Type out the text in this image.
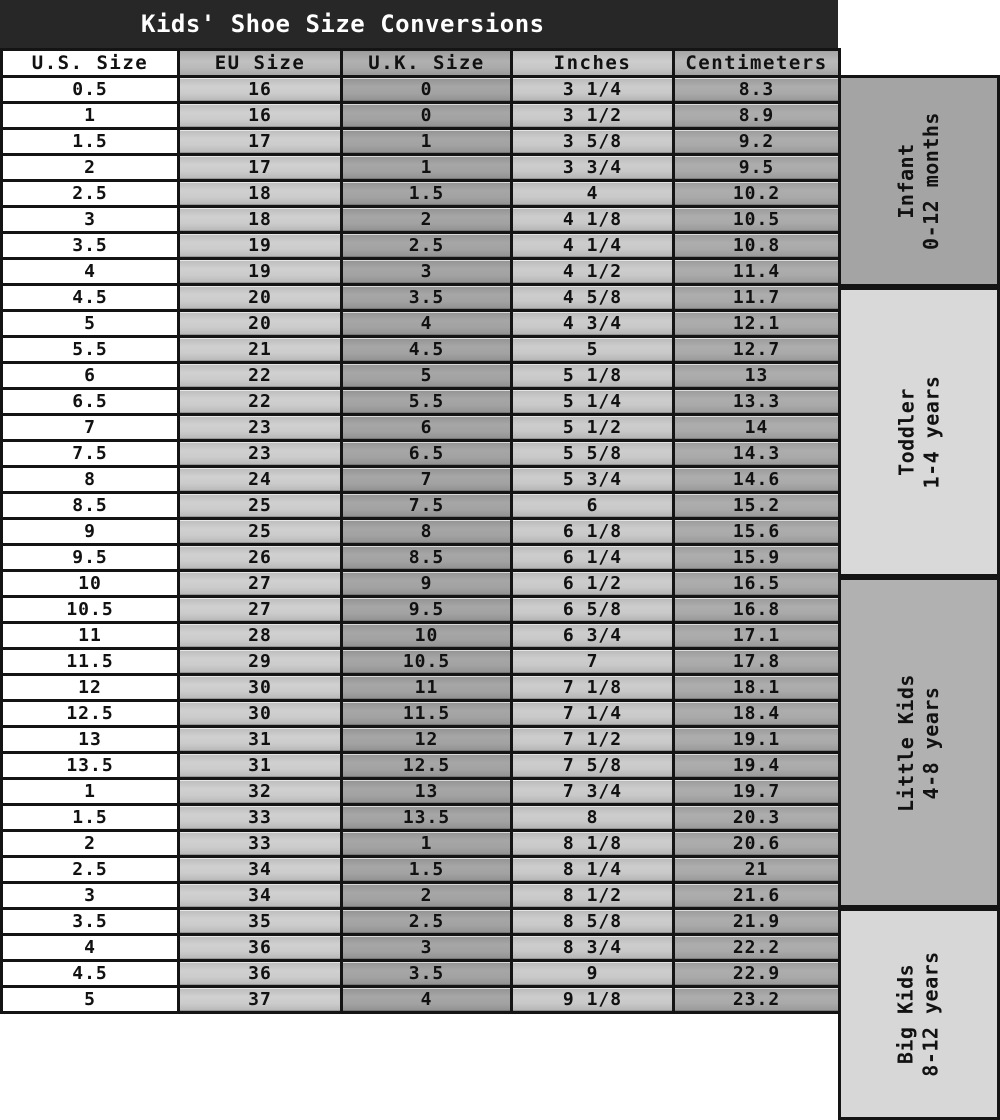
Kids' Shoe Size Conversions
U.S. Size	EU Size	U.K. Size	Inches	Centimeters
0.5	16	0	3 1/4	8.3
1	16	0	3 1/2	8.9
1.5	17	1	3 5/8	9.2
2	17	1	3 3/4	9.5
2.5	18	1.5	4	10.2
3	18	2	4 1/8	10.5
3.5	19	2.5	4 1/4	10.8
4	19	3	4 1/2	11.4
4.5	20	3.5	4 5/8	11.7
5	20	4	4 3/4	12.1
5.5	21	4.5	5	12.7
6	22	5	5 1/8	13
6.5	22	5.5	5 1/4	13.3
7	23	6	5 1/2	14
7.5	23	6.5	5 5/8	14.3
8	24	7	5 3/4	14.6
8.5	25	7.5	6	15.2
9	25	8	6 1/8	15.6
9.5	26	8.5	6 1/4	15.9
10	27	9	6 1/2	16.5
10.5	27	9.5	6 5/8	16.8
11	28	10	6 3/4	17.1
11.5	29	10.5	7	17.8
12	30	11	7 1/8	18.1
12.5	30	11.5	7 1/4	18.4
13	31	12	7 1/2	19.1
13.5	31	12.5	7 5/8	19.4
1	32	13	7 3/4	19.7
1.5	33	13.5	8	20.3
2	33	1	8 1/8	20.6
2.5	34	1.5	8 1/4	21
3	34	2	8 1/2	21.6
3.5	35	2.5	8 5/8	21.9
4	36	3	8 3/4	22.2
4.5	36	3.5	9	22.9
5	37	4	9 1/8	23.2
Infant 0-12 months
Toddler 1-4 years
Little Kids 4-8 years
Big Kids 8-12 years
